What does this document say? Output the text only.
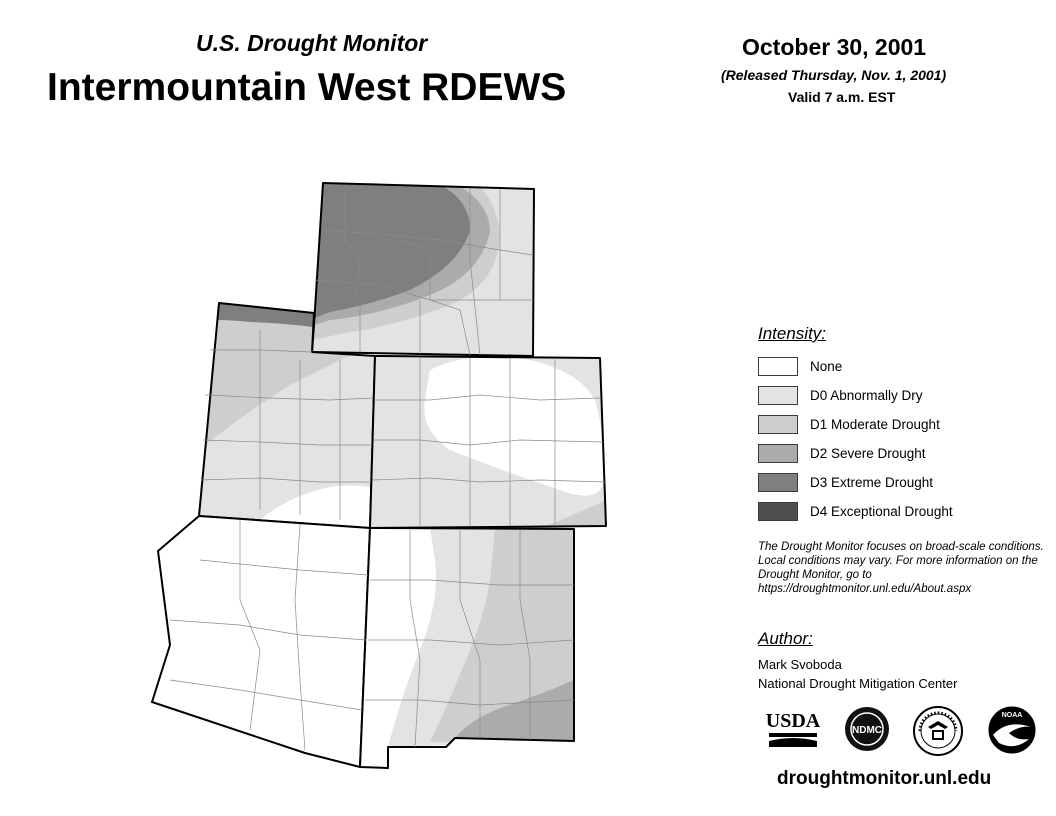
U.S. Drought Monitor
Intermountain West RDEWS
October 30, 2001
(Released Thursday, Nov. 1, 2001)
Valid 7 a.m. EST
Intensity:
None
D0 Abnormally Dry
D1 Moderate Drought
D2 Severe Drought
D3 Extreme Drought
D4 Exceptional Drought
The Drought Monitor focuses on broad-scale conditions. Local conditions may vary. For more information on the Drought Monitor, go to https://droughtmonitor.unl.edu/About.aspx
Author:
Mark Svoboda
National Drought Mitigation Center
USDA	NDMC
NOAA
droughtmonitor.unl.edu
